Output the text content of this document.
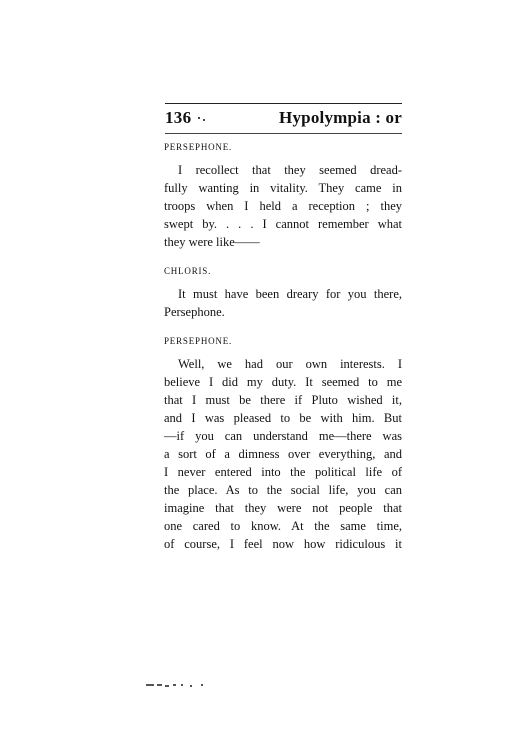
136	Hypolympia : or
PERSEPHONE.
I recollect that they seemed dread-
fully wanting in vitality. They came in
troops when I held a reception ; they
swept by. . . . I cannot remember what
they were like——
CHLORIS.
It must have been dreary for you there,
Persephone.
PERSEPHONE.
Well, we had our own interests. I
believe I did my duty. It seemed to me
that I must be there if Pluto wished it,
and I was pleased to be with him. But
—if you can understand me—there was
a sort of a dimness over everything, and
I never entered into the political life of
the place. As to the social life, you can
imagine that they were not people that
one cared to know. At the same time,
of course, I feel now how ridiculous it
